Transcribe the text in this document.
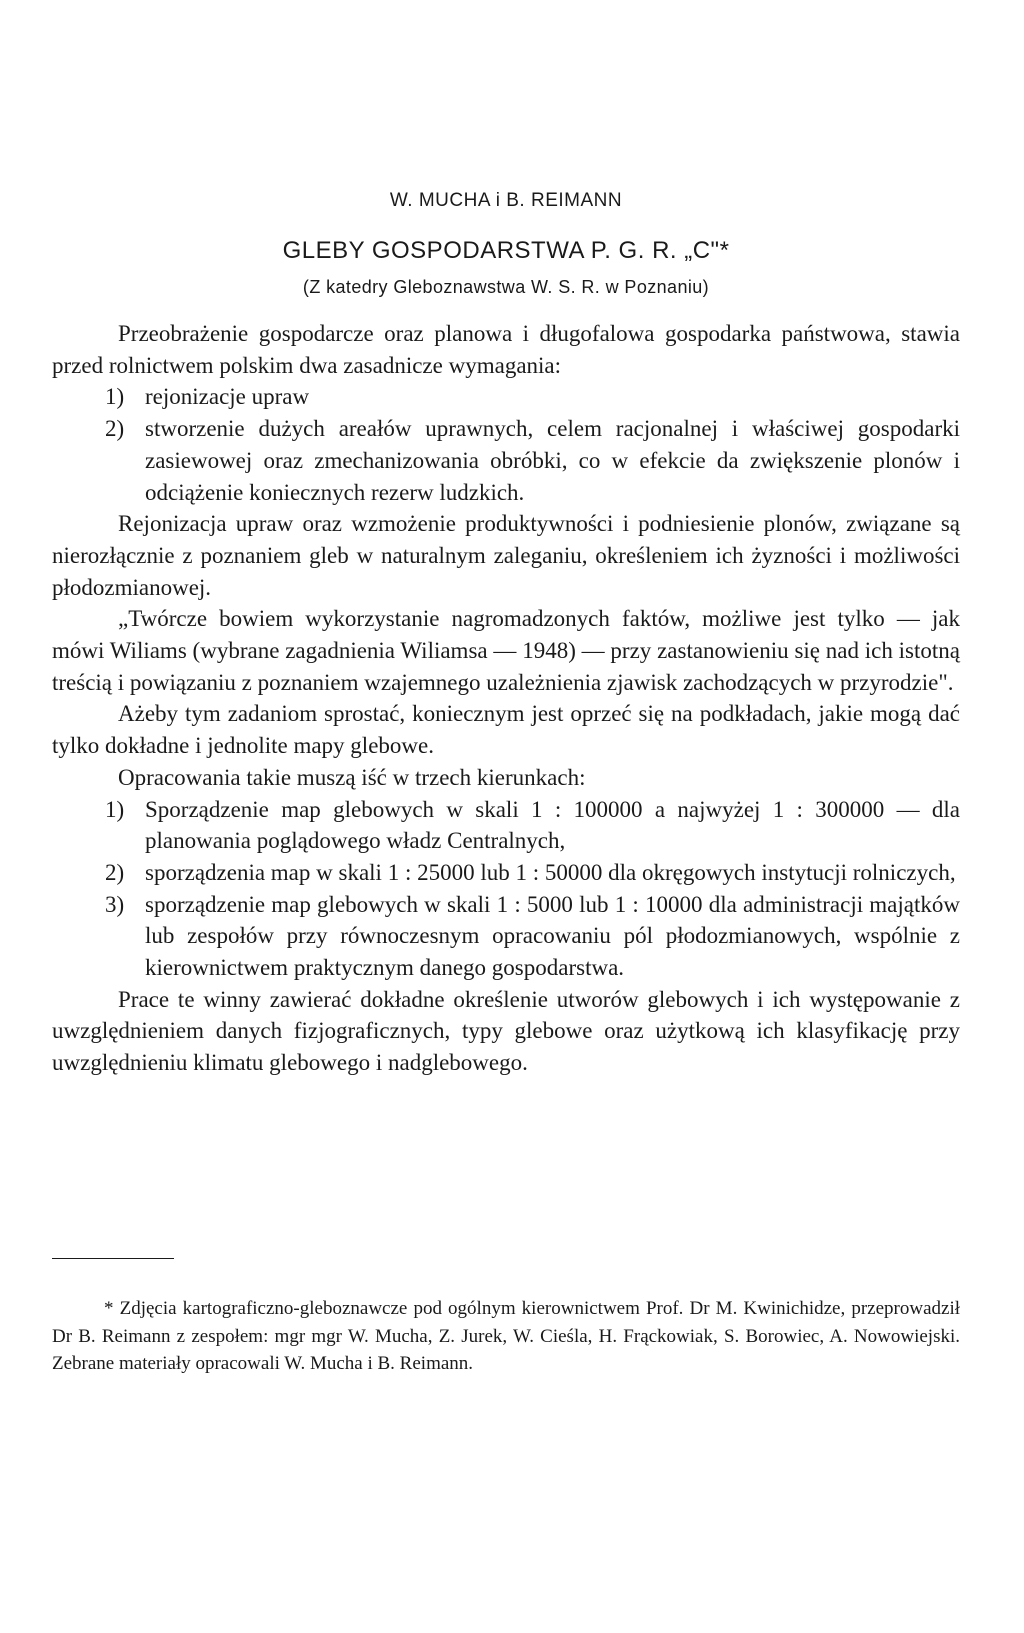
W. MUCHA i B. REIMANN
GLEBY GOSPODARSTWA P. G. R. „C"*
(Z katedry Gleboznawstwa W. S. R. w Poznaniu)

Przeobrażenie gospodarcze oraz planowa i długofalowa gospodarka państwowa, stawia przed rolnictwem polskim dwa zasadnicze wymagania:

1) rejonizacje upraw
2) stworzenie dużych areałów uprawnych, celem racjonalnej i właściwej gospodarki zasiewowej oraz zmechanizowania obróbki, co w efekcie da zwiększenie plonów i odciążenie koniecznych rezerw ludzkich.

Rejonizacja upraw oraz wzmożenie produktywności i podniesienie plonów, związane są nierozłącznie z poznaniem gleb w naturalnym zaleganiu, określeniem ich żyzności i możliwości płodozmianowej.

„Twórcze bowiem wykorzystanie nagromadzonych faktów, możliwe jest tylko — jak mówi Wiliams (wybrane zagadnienia Wiliamsa — 1948) — przy zastanowieniu się nad ich istotną treścią i powiązaniu z poznaniem wzajemnego uzależnienia zjawisk zachodzących w przyrodzie".

Ażeby tym zadaniom sprostać, koniecznym jest oprzeć się na podkładach, jakie mogą dać tylko dokładne i jednolite mapy glebowe.

Opracowania takie muszą iść w trzech kierunkach:

1) Sporządzenie map glebowych w skali 1 : 100000 a najwyżej 1 : 300000 — dla planowania poglądowego władz Centralnych,
2) sporządzenia map w skali 1 : 25000 lub 1 : 50000 dla okręgowych instytucji rolniczych,
3) sporządzenie map glebowych w skali 1 : 5000 lub 1 : 10000 dla administracji majątków lub zespołów przy równoczesnym opracowaniu pól płodozmianowych, wspólnie z kierownictwem praktycznym danego gospodarstwa.

Prace te winny zawierać dokładne określenie utworów glebowych i ich występowanie z uwzględnieniem danych fizjograficznych, typy glebowe oraz użytkową ich klasyfikację przy uwzględnieniu klimatu glebowego i nadglebowego.

* Zdjęcia kartograficzno-gleboznawcze pod ogólnym kierownictwem Prof. Dr M. Kwinichidze, przeprowadził Dr B. Reimann z zespołem: mgr mgr W. Mucha, Z. Jurek, W. Cieśla, H. Frąckowiak, S. Borowiec, A. Nowowiejski. Zebrane materiały opracowali W. Mucha i B. Reimann.
